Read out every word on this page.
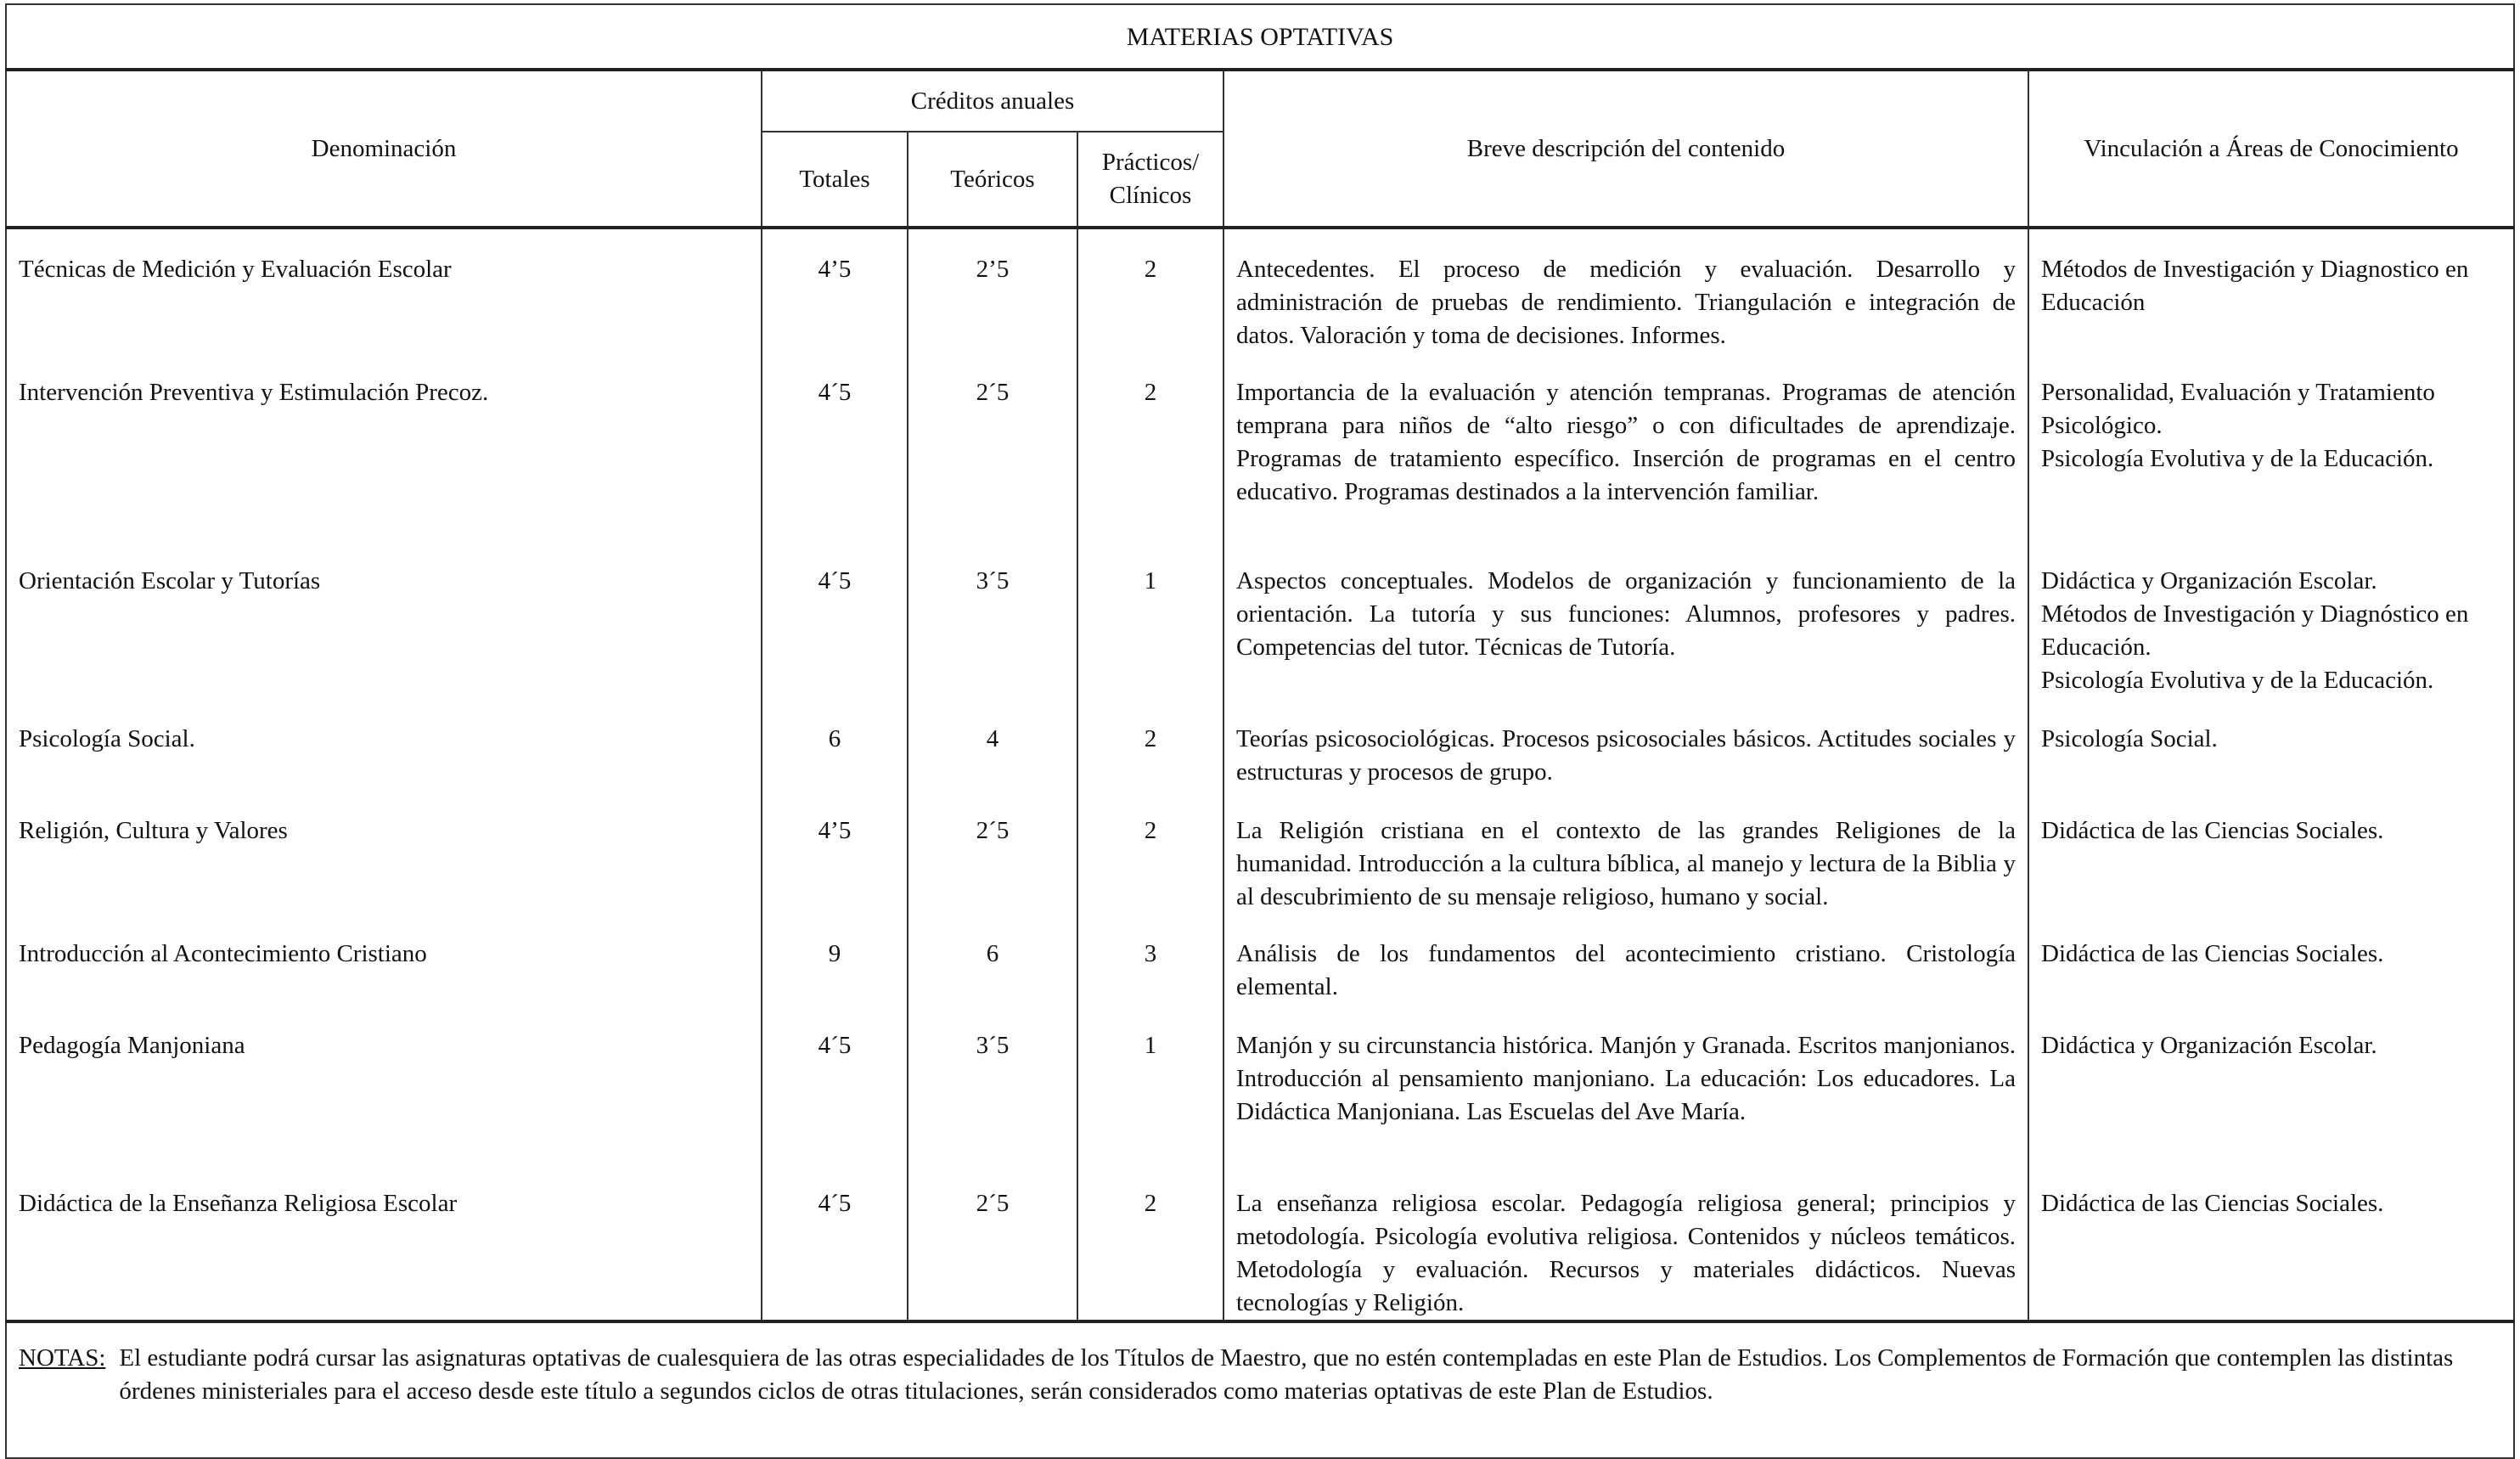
MATERIAS OPTATIVAS					
Denominación	Créditos anuales			Breve descripción del contenido	Vinculación a Áreas de Conocimiento
	Totales	Teóricos	Prácticos/ Clínicos		
Técnicas de Medición y Evaluación Escolar	4’5	2’5	2	Antecedentes. El proceso de medición y evaluación. Desarrollo y administración de pruebas de rendimiento. Triangulación e integración de datos. Valoración y toma de decisiones. Informes.	Métodos de Investigación y Diagnostico en Educación

Intervención Preventiva y Estimulación Precoz.	4´5	2´5	2	Importancia de la evaluación y atención tempranas. Programas de atención temprana para niños de “alto riesgo” o con dificultades de aprendizaje. Programas de tratamiento específico. Inserción de programas en el centro educativo. Programas destinados a la intervención familiar.	Personalidad, Evaluación y Tratamiento Psicológico.
Psicología Evolutiva y de la Educación.

Orientación Escolar y Tutorías	4´5	3´5	1	Aspectos conceptuales. Modelos de organización y funcionamiento de la orientación. La tutoría y sus funciones: Alumnos, profesores y padres. Competencias del tutor. Técnicas de Tutoría.	Didáctica y Organización Escolar.
Métodos de Investigación y Diagnóstico en Educación.
Psicología Evolutiva y de la Educación.

Psicología Social.	6	4	2	Teorías psicosociológicas. Procesos psicosociales básicos. Actitudes sociales y estructuras y procesos de grupo.	Psicología Social.

Religión, Cultura y Valores	4’5	2´5	2	La Religión cristiana en el contexto de las grandes Religiones de la humanidad. Introducción a la cultura bíblica, al manejo y lectura de la Biblia y al descubrimiento de su mensaje religioso, humano y social.	Didáctica de las Ciencias Sociales.

Introducción al Acontecimiento Cristiano	9	6	3	Análisis de los fundamentos del acontecimiento cristiano. Cristología elemental.	Didáctica de las Ciencias Sociales.

Pedagogía Manjoniana	4´5	3´5	1	Manjón y su circunstancia histórica. Manjón y Granada. Escritos manjonianos. Introducción al pensamiento manjoniano. La educación: Los educadores. La Didáctica Manjoniana. Las Escuelas del Ave María.	Didáctica y Organización Escolar.

Didáctica de la Enseñanza Religiosa Escolar	4´5	2´5	2	La enseñanza religiosa escolar. Pedagogía religiosa general; principios y metodología. Psicología evolutiva religiosa. Contenidos y núcleos temáticos. Metodología y evaluación. Recursos y materiales didácticos. Nuevas tecnologías y Religión.	Didáctica de las Ciencias Sociales.

NOTAS: El estudiante podrá cursar las asignaturas optativas de cualesquiera de las otras especialidades de los Títulos de Maestro, que no estén contempladas en este Plan de Estudios. Los Complementos de Formación que contemplen las distintas órdenes ministeriales para el acceso desde este título a segundos ciclos de otras titulaciones, serán considerados como materias optativas de este Plan de Estudios.					
